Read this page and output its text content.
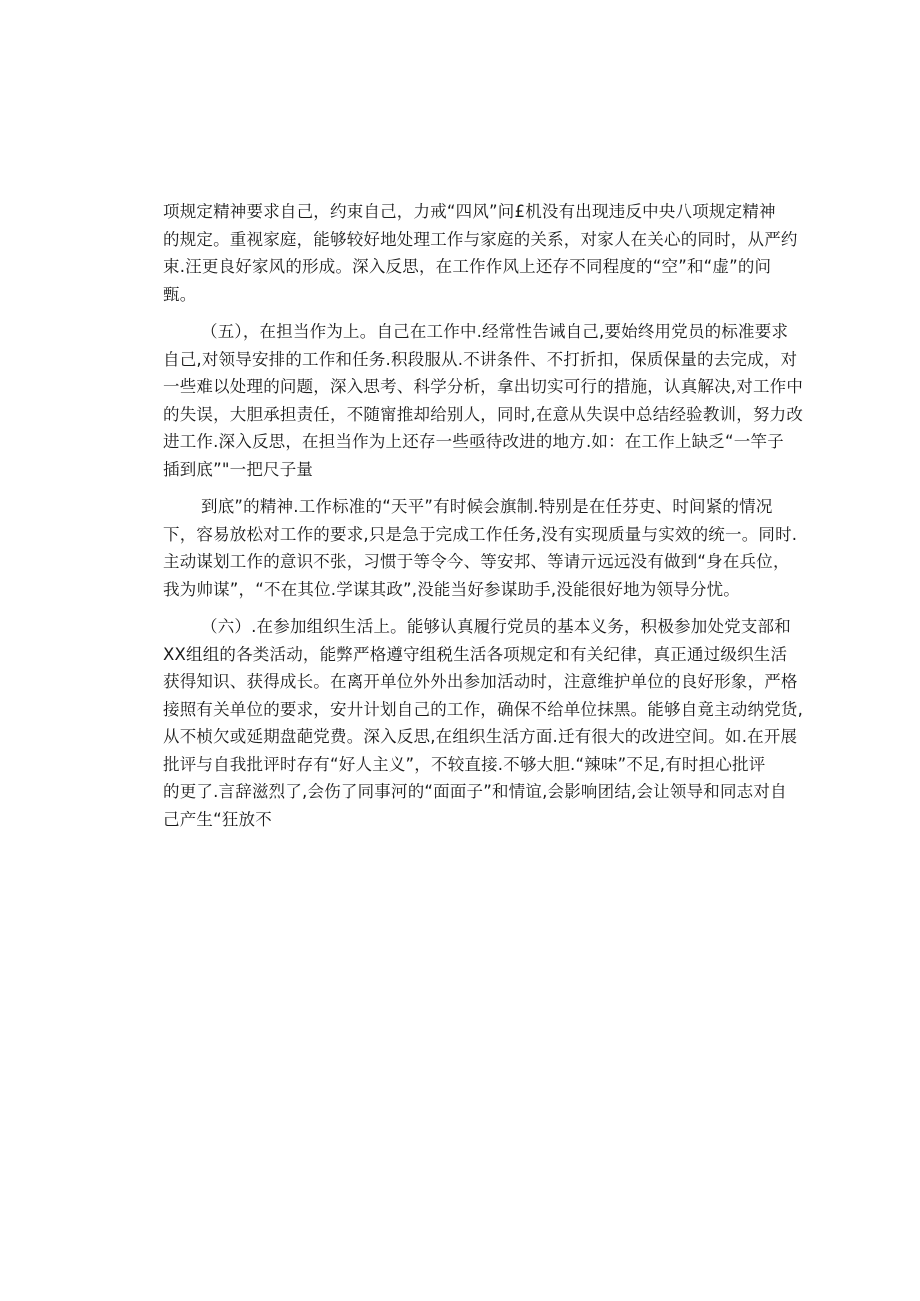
项规定精神要求自己，约束自己，力戒“四风”问£机没有出现违反中央八项规定精神
的规定。重视家庭，能够较好地处理工作与家庭的关系，对家人在关心的同时，从严约
束.汪更良好家风的形成。深入反思，在工作作风上还存不同程度的“空”和“虚”的问
甄。
（五），在担当作为上。自己在工作中.经常性告诫自己,要始终用党员的标准要求
自己,对领导安排的工作和任务.积段服从.不讲条件、不打折扣，保质保量的去完成，对
一些难以处理的问题，深入思考、科学分析，拿出切实可行的措施，认真解决,对工作中
的失误，大胆承担责任，不随甯推却给别人，同时,在意从失误中总结经验教训，努力改
进工作.深入反思，在担当作为上还存一些亟待改进的地方.如：在工作上缺乏“一竿子
插到底”"一把尺子量
到底”的精神.工作标准的“天平”有时候会旗制.特别是在任芬吏、时间紧的情况
下，容易放松对工作的要求,只是急于完成工作任务,没有实现质量与实效的统一。同时.
主动谋划工作的意识不张，习惯于等令今、等安邦、等请亓远远没有做到“身在兵位，
我为帅谋”，“不在其位.学谋其政”,没能当好参谋助手,没能很好地为领导分忧。
（六）.在参加组织生活上。能够认真履行党员的基本义务，积极参加处党支部和
XX组组的各类活动，能弊严格遵守组税生活各项规定和有关纪律，真正通过级织生活
获得知识、获得成长。在离开单位外外出参加活动时，注意维护单位的良好形象，严格
接照有关单位的要求，安廾计划自己的工作，确保不给单位抹黑。能够自竟主动纳党货,
从不桢欠或延期盘葩党费。深入反思,在组织生活方面.迁有很大的改进空间。如.在开展
批评与自我批评时存有“好人主义”，不较直接.不够大胆.“辣味”不足,有时担心批评
的更了.言辞滋烈了,会伤了同事河的“面面子”和情谊,会影响团结,会让领导和同志对自
己产生“狂放不
